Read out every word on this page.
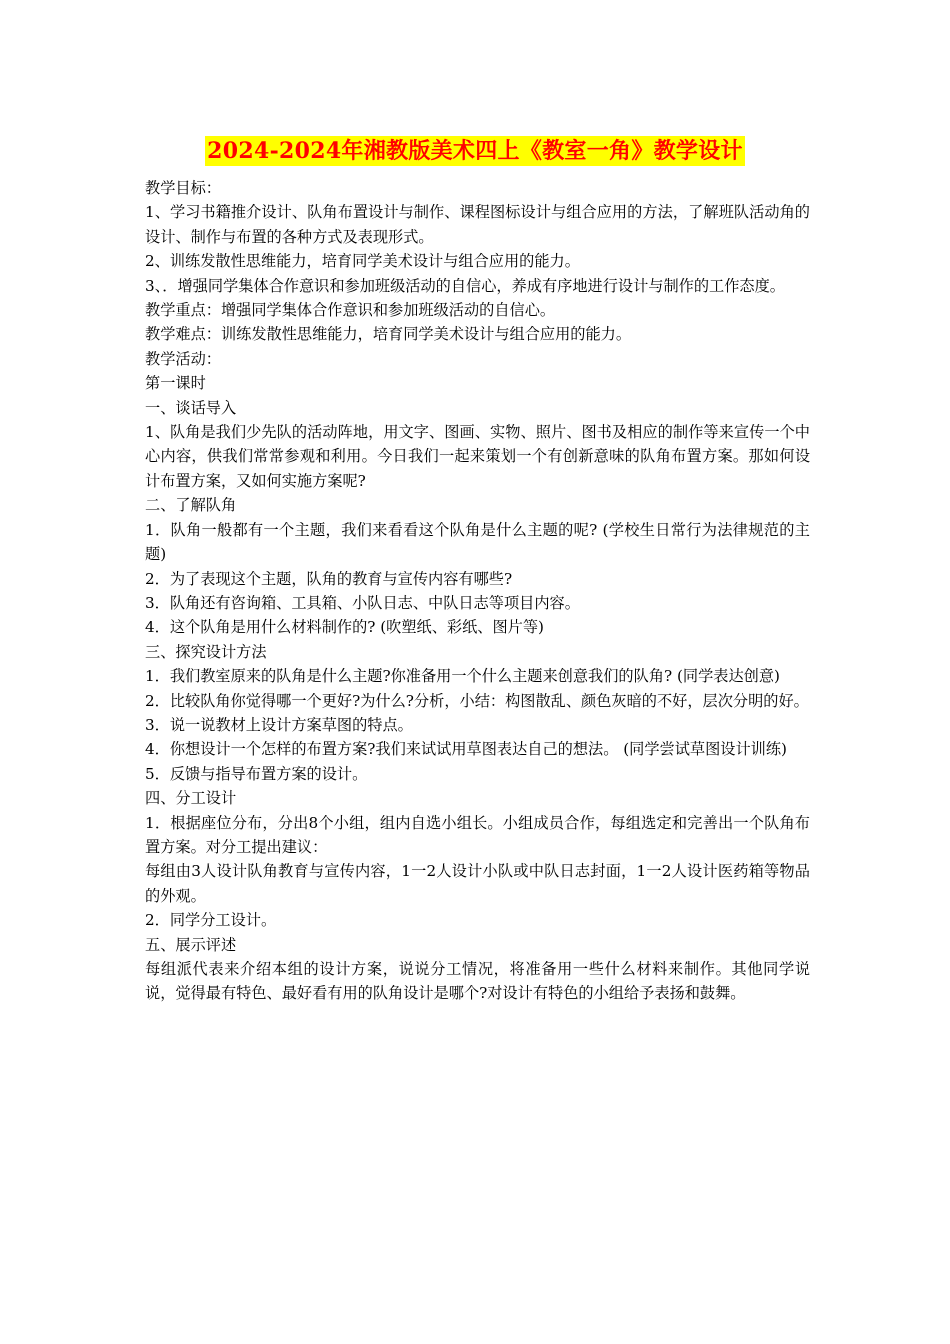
2024-2024年湘教版美术四上《教室一角》教学设计

教学目标：

1、学习书籍推介设计、队角布置设计与制作、课程图标设计与组合应用的方法，了解班队活动角的设计、制作与布置的各种方式及表现形式。

2、训练发散性思维能力，培育同学美术设计与组合应用的能力。

3、．增强同学集体合作意识和参加班级活动的自信心，养成有序地进行设计与制作的工作态度。

教学重点：增强同学集体合作意识和参加班级活动的自信心。

教学难点：训练发散性思维能力，培育同学美术设计与组合应用的能力。

教学活动：

第一课时

一、谈话导入

1、队角是我们少先队的活动阵地，用文字、图画、实物、照片、图书及相应的制作等来宣传一个中心内容，供我们常常参观和利用。今日我们一起来策划一个有创新意味的队角布置方案。那如何设计布置方案，又如何实施方案呢?

二、了解队角

1．队角一般都有一个主题，我们来看看这个队角是什么主题的呢? (学校生日常行为法律规范的主题)

2．为了表现这个主题，队角的教育与宣传内容有哪些?

3．队角还有咨询箱、工具箱、小队日志、中队日志等项目内容。

4．这个队角是用什么材料制作的? (吹塑纸、彩纸、图片等)

三、探究设计方法

1．我们教室原来的队角是什么主题?你准备用一个什么主题来创意我们的队角? (同学表达创意)

2．比较队角你觉得哪一个更好?为什么?分析，小结：构图散乱、颜色灰暗的不好，层次分明的好。

3．说一说教材上设计方案草图的特点。

4．你想设计一个怎样的布置方案?我们来试试用草图表达自己的想法。 (同学尝试草图设计训练)

5．反馈与指导布置方案的设计。

四、分工设计

1．根据座位分布，分出8个小组，组内自选小组长。小组成员合作，每组选定和完善出一个队角布置方案。对分工提出建议：

每组由3人设计队角教育与宣传内容，1一2人设计小队或中队日志封面，1一2人设计医药箱等物品的外观。

2．同学分工设计。

五、展示评述

每组派代表来介绍本组的设计方案，说说分工情况，将准备用一些什么材料来制作。其他同学说说，觉得最有特色、最好看有用的队角设计是哪个?对设计有特色的小组给予表扬和鼓舞。
